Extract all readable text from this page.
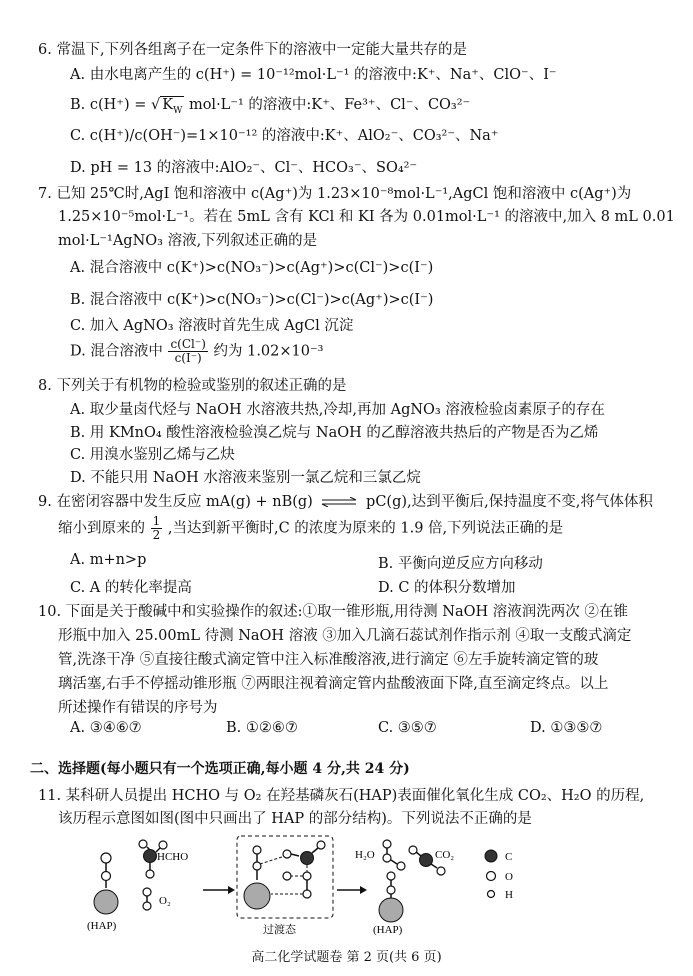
6. 常温下,下列各组离子在一定条件下的溶液中一定能大量共存的是
A. 由水电离产生的 c(H⁺) = 10⁻¹²mol·L⁻¹ 的溶液中:K⁺、Na⁺、ClO⁻、I⁻
B. c(H⁺) = √ $K_W$ mol·L⁻¹ 的溶液中:K⁺、Fe³⁺、Cl⁻、CO₃²⁻
C. c(H⁺)/c(OH⁻)=1×10⁻¹² 的溶液中:K⁺、AlO₂⁻、CO₃²⁻、Na⁺
D. pH = 13 的溶液中:AlO₂⁻、Cl⁻、HCO₃⁻、SO₄²⁻
7. 已知 25℃时,AgI 饱和溶液中 c(Ag⁺)为 1.23×10⁻⁸mol·L⁻¹,AgCl 饱和溶液中 c(Ag⁺)为
1.25×10⁻⁵mol·L⁻¹。若在 5mL 含有 KCl 和 KI 各为 0.01mol·L⁻¹ 的溶液中,加入 8 mL 0.01
mol·L⁻¹AgNO₃ 溶液,下列叙述正确的是
A. 混合溶液中 c(K⁺)>c(NO₃⁻)>c(Ag⁺)>c(Cl⁻)>c(I⁻)
B. 混合溶液中 c(K⁺)>c(NO₃⁻)>c(Cl⁻)>c(Ag⁺)>c(I⁻)
C. 加入 AgNO₃ 溶液时首先生成 AgCl 沉淀
D. 混合溶液中 $\frac{c(Cl^-)}{c(I^-)}$ 约为 1.02×10⁻³
8. 下列关于有机物的检验或鉴别的叙述正确的是
A. 取少量卤代烃与 NaOH 水溶液共热,冷却,再加 AgNO₃ 溶液检验卤素原子的存在
B. 用 KMnO₄ 酸性溶液检验溴乙烷与 NaOH 的乙醇溶液共热后的产物是否为乙烯
C. 用溴水鉴别乙烯与乙炔
D. 不能只用 NaOH 水溶液来鉴别一氯乙烷和三氯乙烷
9. 在密闭容器中发生反应 mA(g) + nB(g) ⇌ pC(g),达到平衡后,保持温度不变,将气体体积
缩小到原来的 $\frac{1}{2}$ ,当达到新平衡时,C 的浓度为原来的 1.9 倍,下列说法正确的是
A. m+n>p	B. 平衡向逆反应方向移动
C. A 的转化率提高	D. C 的体积分数增加
10. 下面是关于酸碱中和实验操作的叙述:①取一锥形瓶,用待测 NaOH 溶液润洗两次 ②在锥
形瓶中加入 25.00mL 待测 NaOH 溶液 ③加入几滴石蕊试剂作指示剂 ④取一支酸式滴定
管,洗涤干净 ⑤直接往酸式滴定管中注入标准酸溶液,进行滴定 ⑥左手旋转滴定管的玻
璃活塞,右手不停摇动锥形瓶 ⑦两眼注视着滴定管内盐酸液面下降,直至滴定终点。以上
所述操作有错误的序号为
A. ③④⑥⑦	B. ①②⑥⑦	C. ③⑤⑦	D. ①③⑤⑦
二、选择题(每小题只有一个选项正确,每小题 4 分,共 24 分)
11. 某科研人员提出 HCHO 与 O₂ 在羟基磷灰石(HAP)表面催化氧化生成 CO₂、H₂O 的历程,
该历程示意图如图(图中只画出了 HAP 的部分结构)。下列说法不正确的是
(HAP)
HCHO
O₂
过渡态
H₂O	CO₂
(HAP)
C
O
H
高二化学试题卷 第 2 页(共 6 页)
